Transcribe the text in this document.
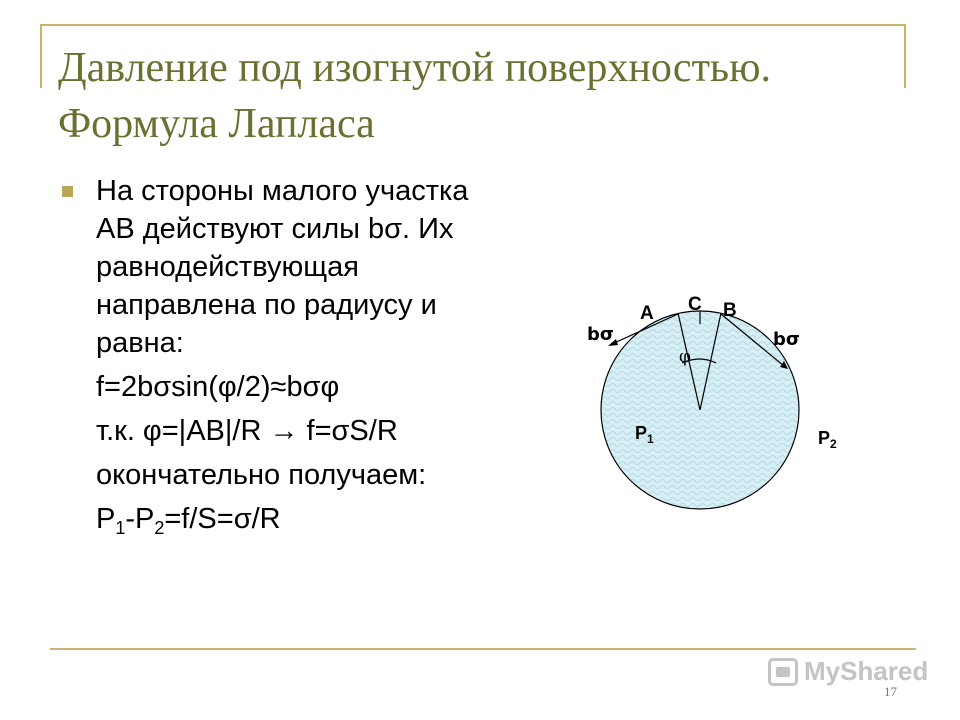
Давление под изогнутой поверхностью.
Формула Лапласа

На стороны малого участка АВ действуют силы bσ. Их равнодействующая направлена по радиусу и равна:

f=2bσsin(φ/2)≈bσφ

т.к. φ=|AB|/R → f=σS/R

окончательно получаем:

$P_1-P_2=f/S=\sigma/R$

A C B
φ
bσ	bσ
$P_1$	$P_2$
MyShared
17
